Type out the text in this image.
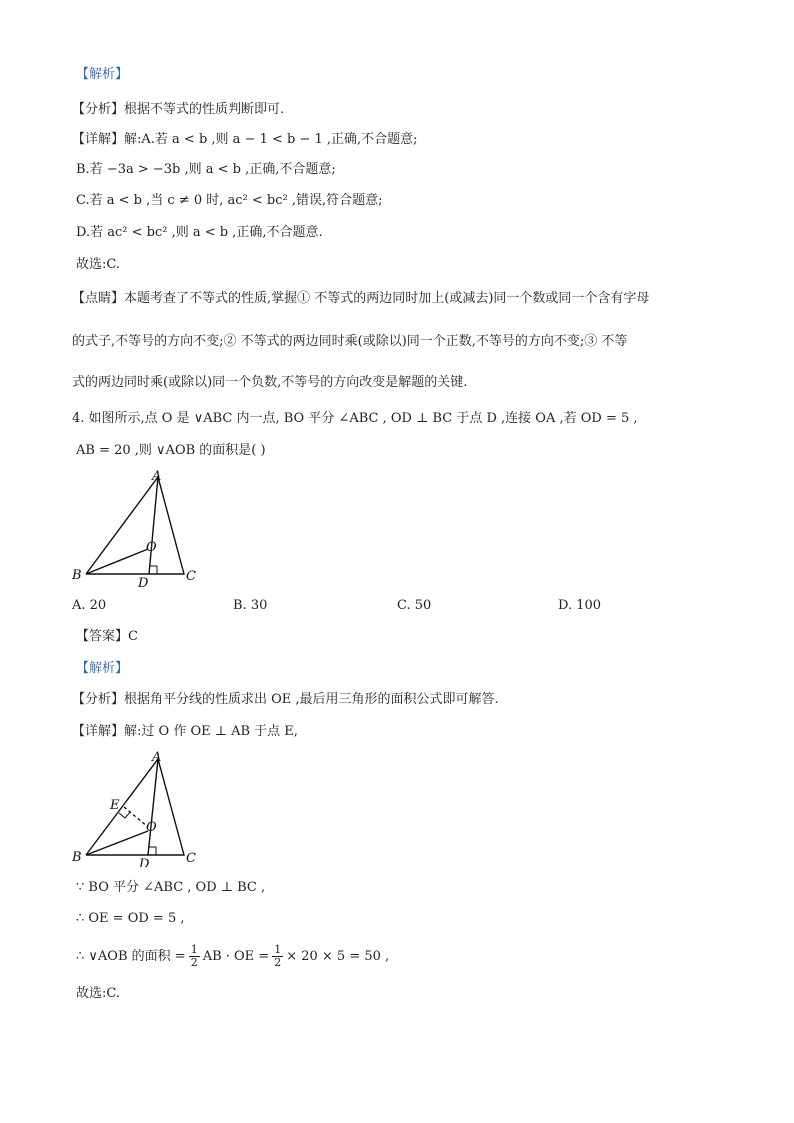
【解析】
【分析】根据不等式的性质判断即可.
【详解】解:A.若 a < b ,则 a − 1 < b − 1 ,正确,不合题意;
B.若 −3a > −3b ,则 a < b ,正确,不合题意;
C.若 a < b ,当 c ≠ 0 时, ac² < bc² ,错误,符合题意;
D.若 ac² < bc² ,则 a < b ,正确,不合题意.
故选:C.
【点睛】本题考查了不等式的性质,掌握① 不等式的两边同时加上(或减去)同一个数或同一个含有字母
的式子,不等号的方向不变;② 不等式的两边同时乘(或除以)同一个正数,不等号的方向不变;③ 不等
式的两边同时乘(或除以)同一个负数,不等号的方向改变是解题的关键.
4. 如图所示,点 O 是 ∨ABC 内一点, BO 平分 ∠ABC , OD ⊥ BC 于点 D ,连接 OA ,若 OD = 5 ,
AB = 20 ,则 ∨AOB 的面积是( )
A
B	C
O
D
A. 20	B. 30	C. 50	D. 100
【答案】C
【解析】
【分析】根据角平分线的性质求出 OE ,最后用三角形的面积公式即可解答.
【详解】解:过 O 作 OE ⊥ AB 于点 E,
A
B	C
O
D
E
∵ BO 平分 ∠ABC , OD ⊥ BC ,
∴ OE = OD = 5 ,
∴ ∨AOB 的面积 = $\frac{1}{2}$ AB · OE = $\frac{1}{2} \times 20 \times 5 = 50$ ,
故选:C.
